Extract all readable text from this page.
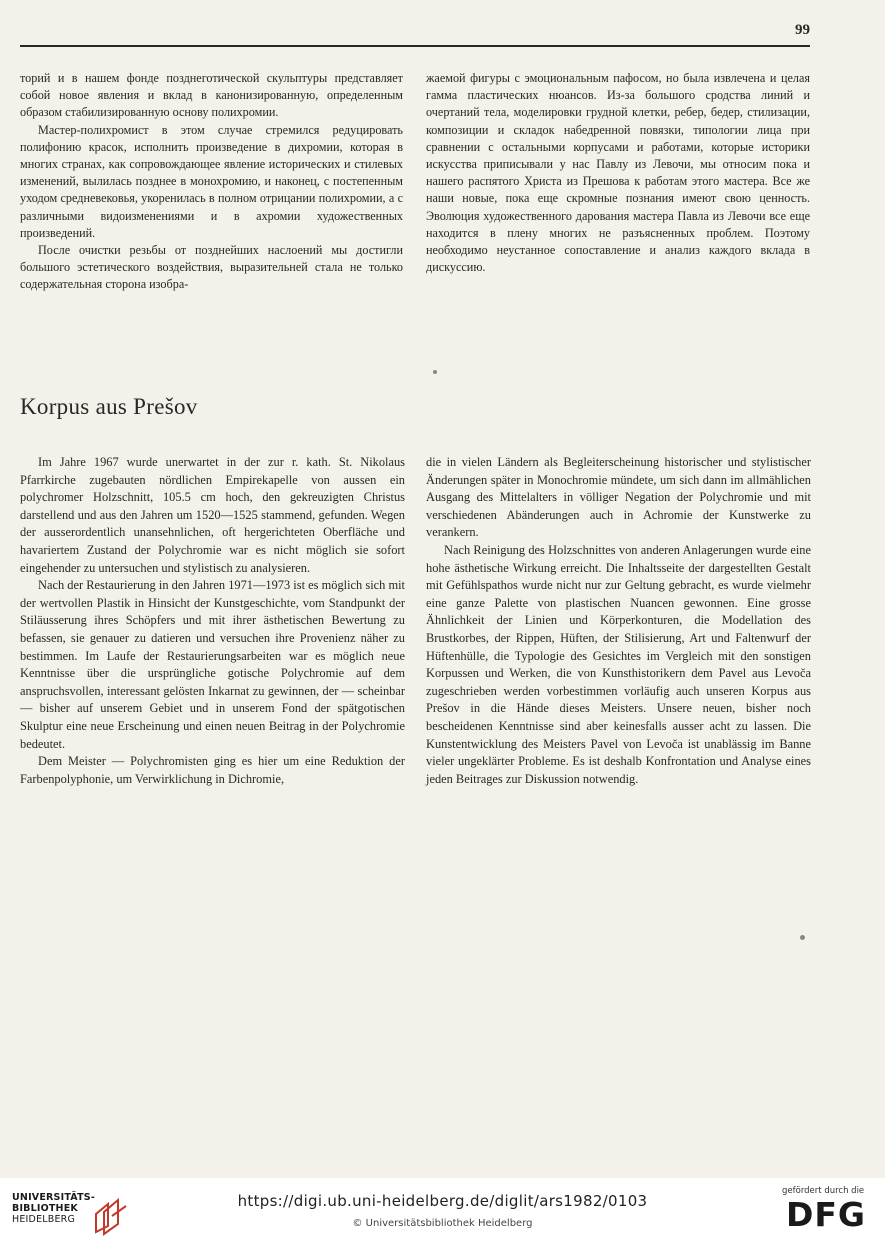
99

торий и в нашем фонде позднеготической скульптуры представляет собой новое явления и вклад в канонизированную, определенным образом стабилизированную основу полихромии.

Мастер-полихромист в этом случае стремился редуцировать полифонию красок, исполнить произведение в дихромии, которая в многих странах, как сопровождающее явление исторических и стилевых изменений, вылилась позднее в монохромию, и наконец, с постепенным уходом средневековья, укоренилась в полном отрицании полихромии, а с различными видоизменениями и в ахромии художественных произведений.

После очистки резьбы от позднейших наслоений мы достигли большого эстетического воздействия, выразительней стала не только содержательная сторона изобра-

жаемой фигуры с эмоциональным пафосом, но была извлечена и целая гамма пластических нюансов. Из-за большого сродства линий и очертаний тела, моделировки грудной клетки, ребер, бедер, стилизации, композиции и складок набедренной повязки, типологии лица при сравнении с остальными корпусами и работами, которые историки искусства приписывали у нас Павлу из Левочи, мы относим пока и нашего распятого Христа из Прешова к работам этого мастера. Все же наши новые, пока еще скромные познания имеют свою ценность. Эволюция художественного дарования мастера Павла из Левочи все еще находится в плену многих не разъясненных проблем. Поэтому необходимо неустанное сопоставление и анализ каждого вклада в дискуссию.

Korpus aus Prešov

Im Jahre 1967 wurde unerwartet in der zur r. kath. St. Nikolaus Pfarrkirche zugebauten nördlichen Empirekapelle von aussen ein polychromer Holzschnitt, 105.5 cm hoch, den gekreuzigten Christus darstellend und aus den Jahren um 1520—1525 stammend, gefunden. Wegen der ausserordentlich unansehnlichen, oft hergerichteten Oberfläche und havariertem Zustand der Polychromie war es nicht möglich sie sofort eingehender zu untersuchen und stylistisch zu analysieren.

Nach der Restaurierung in den Jahren 1971—1973 ist es möglich sich mit der wertvollen Plastik in Hinsicht der Kunstgeschichte, vom Standpunkt der Stiläusserung ihres Schöpfers und mit ihrer ästhetischen Bewertung zu befassen, sie genauer zu datieren und versuchen ihre Provenienz näher zu bestimmen. Im Laufe der Restaurierungsarbeiten war es möglich neue Kenntnisse über die ursprüngliche gotische Polychromie auf dem anspruchsvollen, interessant gelösten Inkarnat zu gewinnen, der — scheinbar — bisher auf unserem Gebiet und in unserem Fond der spätgotischen Skulptur eine neue Erscheinung und einen neuen Beitrag in der Polychromie bedeutet.

Dem Meister — Polychromisten ging es hier um eine Reduktion der Farbenpolyphonie, um Verwirklichung in Dichromie,

die in vielen Ländern als Begleiterscheinung historischer und stylistischer Änderungen später in Monochromie mündete, um sich dann im allmählichen Ausgang des Mittelalters in völliger Negation der Polychromie und mit verschiedenen Abänderungen auch in Achromie der Kunstwerke zu verankern.

Nach Reinigung des Holzschnittes von anderen Anlagerungen wurde eine hohe ästhetische Wirkung erreicht. Die Inhaltsseite der dargestellten Gestalt mit Gefühlspathos wurde nicht nur zur Geltung gebracht, es wurde vielmehr eine ganze Palette von plastischen Nuancen gewonnen. Eine grosse Ähnlichkeit der Linien und Körperkonturen, die Modellation des Brustkorbes, der Rippen, Hüften, der Stilisierung, Art und Faltenwurf der Hüftenhülle, die Typologie des Gesichtes im Vergleich mit den sonstigen Korpussen und Werken, die von Kunsthistorikern dem Pavel aus Levoča zugeschrieben werden vorbestimmen vorläufig auch unseren Korpus aus Prešov in die Hände dieses Meisters. Unsere neuen, bisher noch bescheidenen Kenntnisse sind aber keinesfalls ausser acht zu lassen. Die Kunstentwicklung des Meisters Pavel von Levoča ist unablässig im Banne vieler ungeklärter Probleme. Es ist deshalb Konfrontation und Analyse eines jeden Beitrages zur Diskussion notwendig.

UNIVERSITÄTS-
BIBLIOTHEK
HEIDELBERG
https://digi.ub.uni-heidelberg.de/diglit/ars1982/0103
© Universitätsbibliothek Heidelberg
gefördert durch die
DFG
